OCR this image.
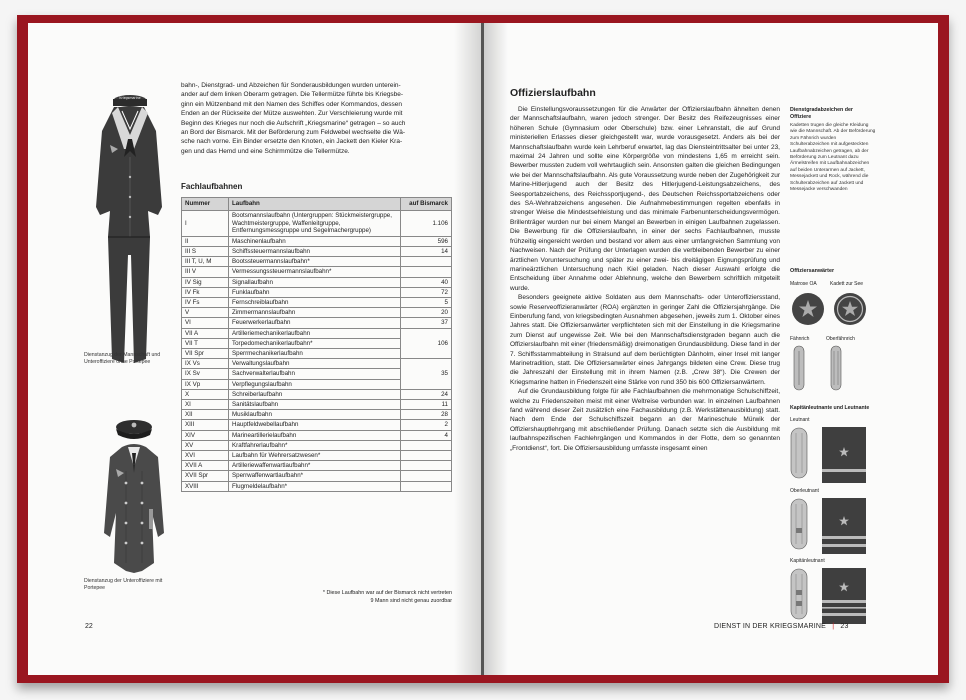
Kriegsmarine
Dienstanzug der Mannschaft und Unteroffiziere ohne Portepee
Dienstanzug der Unteroffiziere mit Portepee
bahn-, Dienstgrad- und Abzeichen für Sonderausbildungen wurden unterein-
ander auf dem linken Oberarm getragen. Die Tellermütze führte bis Kriegsbe-
ginn ein Mützenband mit den Namen des Schiffes oder Kommandos, dessen
Enden an der Rückseite der Mütze auswehten. Zur Verschleierung wurde mit
Beginn des Krieges nur noch die Aufschrift „Kriegsmarine“ getragen – so auch
an Bord der Bismarck. Mit der Beförderung zum Feldwebel wechselte die Wä-
sche nach vorne. Ein Binder ersetzte den Knoten, ein Jackett den Kieler Kra-
gen und das Hemd und eine Schirmmütze die Tellermütze.
Fachlaufbahnen
Nummer	Laufbahn	auf Bismarck
I	Bootsmannslaufbahn (Untergruppen: Stückmeistergruppe, Wachtmeistergruppe, Waffenleitgruppe, Entfernungsmessgruppe und Segelmachergruppe)	1.106
II	Maschinenlaufbahn	596
III S	Schiffssteuermannslaufbahn	14
III T, U, M	Bootssteuermannslaufbahn*	
III V	Vermessungssteuermannslaufbahn*	
IV Sig	Signallaufbahn	40
IV Fk	Funklaufbahn	72
IV Fs	Fernschreiblaufbahn	5
V	Zimmermannslaufbahn	20
VI	Feuerwerkerlaufbahn	37
VII A	Artilleriemechanikerlaufbahn	106
VII T	Torpedomechanikerlaufbahn*	
VII Spr	Sperrmechanikerlaufbahn	
IX Vs	Verwaltungslaufbahn	35
IX Sv	Sachverwalterlaufbahn	
IX Vp	Verpflegungslaufbahn	
X	Schreiberlaufbahn	24
XI	Sanitätslaufbahn	11
XII	Musiklaufbahn	28
XIII	Hauptfeldwebellaufbahn	2
XIV	Marineartillerielaufbahn	4
XV	Kraftfahrerlaufbahn*	
XVI	Laufbahn für Wehrersatzwesen*	
XVII A	Artilleriewaffenwartlaufbahn*	
XVII Spr	Sperrwaffenwartlaufbahn*	
XVIII	Flugmeldelaufbahn*	
* Diese Laufbahn war auf der Bismarck nicht vertreten
9 Mann sind nicht genau zuordbar
22
Offizierslaufbahn

Die Einstellungsvoraussetzungen für die Anwärter der Offizierslaufbahn ähnelten denen der Mannschaftslaufbahn, waren jedoch strenger. Der Besitz des Reifezeugnisses einer höheren Schule (Gymnasium oder Oberschule) bzw. einer Lehranstalt, die auf Grund ministeriellen Erlasses dieser gleichgestellt war, wurde vorausgesetzt. Anders als bei der Mannschaftslaufbahn wurde kein Lehrberuf erwartet, lag das Diensteintrittsalter bei unter 23, maximal 24 Jahren und sollte eine Körpergröße von mindestens 1,65 m erreicht sein. Bewerber mussten zudem voll wehrtauglich sein. Ansonsten galten die gleichen Bedingungen wie bei der Mannschaftslaufbahn. Als gute Voraussetzung wurde neben der Zugehörigkeit zur Marine-Hitlerjugend auch der Besitz des Hitlerjugend-Leistungsabzeichens, des Seesportabzeichens, des Reichssportjugend-, des Deutschen Reichssportabzeichens oder des SA-Wehrabzeichens angesehen. Die Aufnahmebestimmungen regelten ebenfalls in strenger Weise die Mindestsehleistung und das minimale Farbenunterscheidungsvermögen. Brillenträger wurden nur bei einem Mangel an Bewerben in einigen Laufbahnen zugelassen. Die Bewerbung für die Offizierslaufbahn, in einer der sechs Fachlaufbahnen, musste frühzeitig eingereicht werden und bestand vor allem aus einer umfangreichen Sammlung von Nachweisen. Nach der Prüfung der Unterlagen wurden die verbleibenden Bewerber zu einer ärztlichen Voruntersuchung und später zu einer zwei- bis dreitägigen Eignungsprüfung und marineärztlichen Untersuchung nach Kiel geladen. Nach dieser Auswahl erfolgte die Entscheidung über Annahme oder Ablehnung, welche den Bewerbern schriftlich mitgeteilt wurde.

Besonders geeignete aktive Soldaten aus dem Mannschafts- oder Unteroffiziersstand, sowie Reserveoffizieranwärter (ROA) ergänzten in geringer Zahl die Offiziersjahrgänge. Die Einberufung fand, von kriegsbedingten Ausnahmen abgesehen, jeweils zum 1. Oktober eines Jahres statt. Die Offiziersanwärter verpflichteten sich mit der Einstellung in die Kriegsmarine zum Dienst auf ungewisse Zeit. Wie bei den Mannschaftsdienstgraden begann auch die Offizierslaufbahn mit einer (friedensmäßig) dreimonatigen Grundausbildung. Diese fand in der 7. Schiffsstammabteilung in Stralsund auf dem berüchtigten Dänholm, einer Insel mit langer Marinetradition, statt. Die Offiziersanwärter eines Jahrgangs bildeten eine Crew. Diese trug die Jahreszahl der Einstellung mit in ihrem Namen (z.B. „Crew 38“). Die Crewen der Kriegsmarine hatten in Friedenszeit eine Stärke von rund 350 bis 600 Offiziersanwärtern.

Auf die Grundausbildung folgte für alle Fachlaufbahnen die mehrmonatige Schulschiffzeit, welche zu Friedenszeiten meist mit einer Weltreise verbunden war. In einzelnen Laufbahnen fand während dieser Zeit zusätzlich eine Fachausbildung (z.B. Werkstättenausbildung) statt. Nach dem Ende der Schulschiffszeit begann an der Marineschule Mürwik der Offiziershauptlehrgang mit abschließender Prüfung. Danach setzte sich die Ausbildung mit laufbahnspezifischen Fachlehrgängen und Kommandos in der Flotte, dem so genannten „Frontdienst“, fort. Die Offiziersausbildung umfasste insgesamt einen

Dienstgradabzeichen der Offiziere
Kadetten trugen die gleiche Kleidung wie die Mannschaft. Ab der Beförderung zum Fähnrich wurden Schulterabzeichen mit aufgesteckten Laufbahnabzeichen getragen, ab der Beförderung zum Leutnant dazu Ärmelstreifen mit Laufbahnabzeichen auf beiden Unterarmen auf Jackett, Messejackett und Rock, während die Schulterabzeichen auf Jackett und Messejacke verschwanden
Offiziersanwärter
Matrose OA	Kadett zur See
Fähnrich	Oberfähnrich
Kapitänleutnante und Leutnante
Leutnant
Oberleutnant
Kapitänleutnant
DIENST IN DER KRIEGSMARINE | 23
